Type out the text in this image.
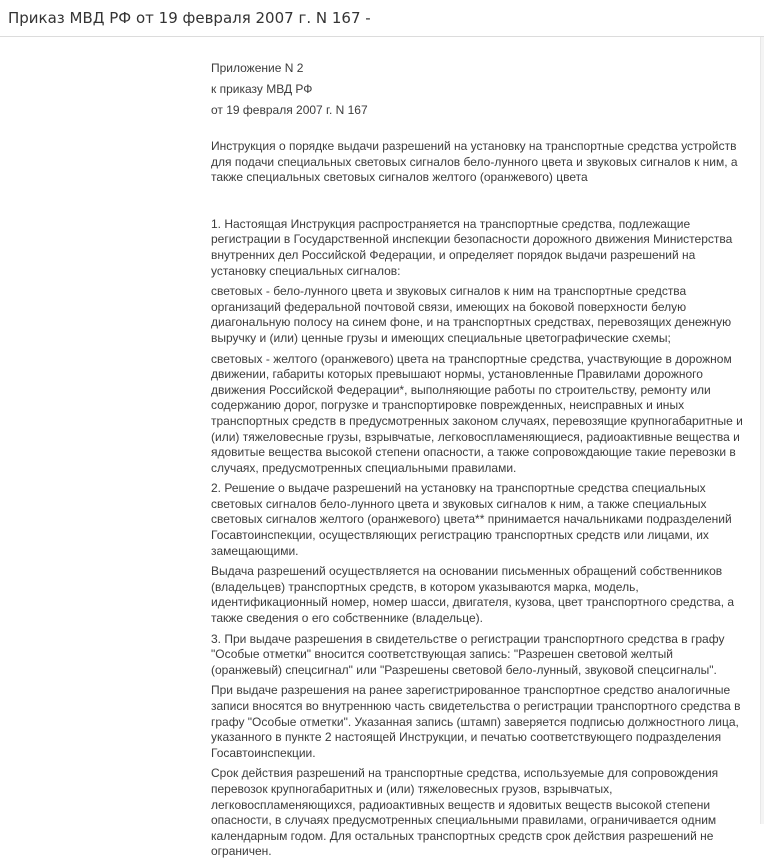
Приказ МВД РФ от 19 февраля 2007 г. N 167 -

Приложение N 2

к приказу МВД РФ

от 19 февраля 2007 г. N 167

Инструкция о порядке выдачи разрешений на установку на транспортные средства устройств для подачи специальных световых сигналов бело-лунного цвета и звуковых сигналов к ним, а также специальных световых сигналов желтого (оранжевого) цвета

1. Настоящая Инструкция распространяется на транспортные средства, подлежащие регистрации в Государственной инспекции безопасности дорожного движения Министерства внутренних дел Российской Федерации, и определяет порядок выдачи разрешений на установку специальных сигналов:

световых - бело-лунного цвета и звуковых сигналов к ним на транспортные средства организаций федеральной почтовой связи, имеющих на боковой поверхности белую диагональную полосу на синем фоне, и на транспортных средствах, перевозящих денежную выручку и (или) ценные грузы и имеющих специальные цветографические схемы;

световых - желтого (оранжевого) цвета на транспортные средства, участвующие в дорожном движении, габариты которых превышают нормы, установленные Правилами дорожного движения Российской Федерации*, выполняющие работы по строительству, ремонту или содержанию дорог, погрузке и транспортировке поврежденных, неисправных и иных транспортных средств в предусмотренных законом случаях, перевозящие крупногабаритные и (или) тяжеловесные грузы, взрывчатые, легковоспламеняющиеся, радиоактивные вещества и ядовитые вещества высокой степени опасности, а также сопровождающие такие перевозки в случаях, предусмотренных специальными правилами.

2. Решение о выдаче разрешений на установку на транспортные средства специальных световых сигналов бело-лунного цвета и звуковых сигналов к ним, а также специальных световых сигналов желтого (оранжевого) цвета** принимается начальниками подразделений Госавтоинспекции, осуществляющих регистрацию транспортных средств или лицами, их замещающими.

Выдача разрешений осуществляется на основании письменных обращений собственников (владельцев) транспортных средств, в котором указываются марка, модель, идентификационный номер, номер шасси, двигателя, кузова, цвет транспортного средства, а также сведения о его собственнике (владельце).

3. При выдаче разрешения в свидетельстве о регистрации транспортного средства в графу "Особые отметки" вносится соответствующая запись: "Разрешен световой желтый (оранжевый) спецсигнал" или "Разрешены световой бело-лунный, звуковой спецсигналы".

При выдаче разрешения на ранее зарегистрированное транспортное средство аналогичные записи вносятся во внутреннюю часть свидетельства о регистрации транспортного средства в графу "Особые отметки". Указанная запись (штамп) заверяется подписью должностного лица, указанного в пункте 2 настоящей Инструкции, и печатью соответствующего подразделения Госавтоинспекции.

Срок действия разрешений на транспортные средства, используемые для сопровождения перевозок крупногабаритных и (или) тяжеловесных грузов, взрывчатых, легковоспламеняющихся, радиоактивных веществ и ядовитых веществ высокой степени опасности, в случаях предусмотренных специальными правилами, ограничивается одним календарным годом. Для остальных транспортных средств срок действия разрешений не ограничен.
